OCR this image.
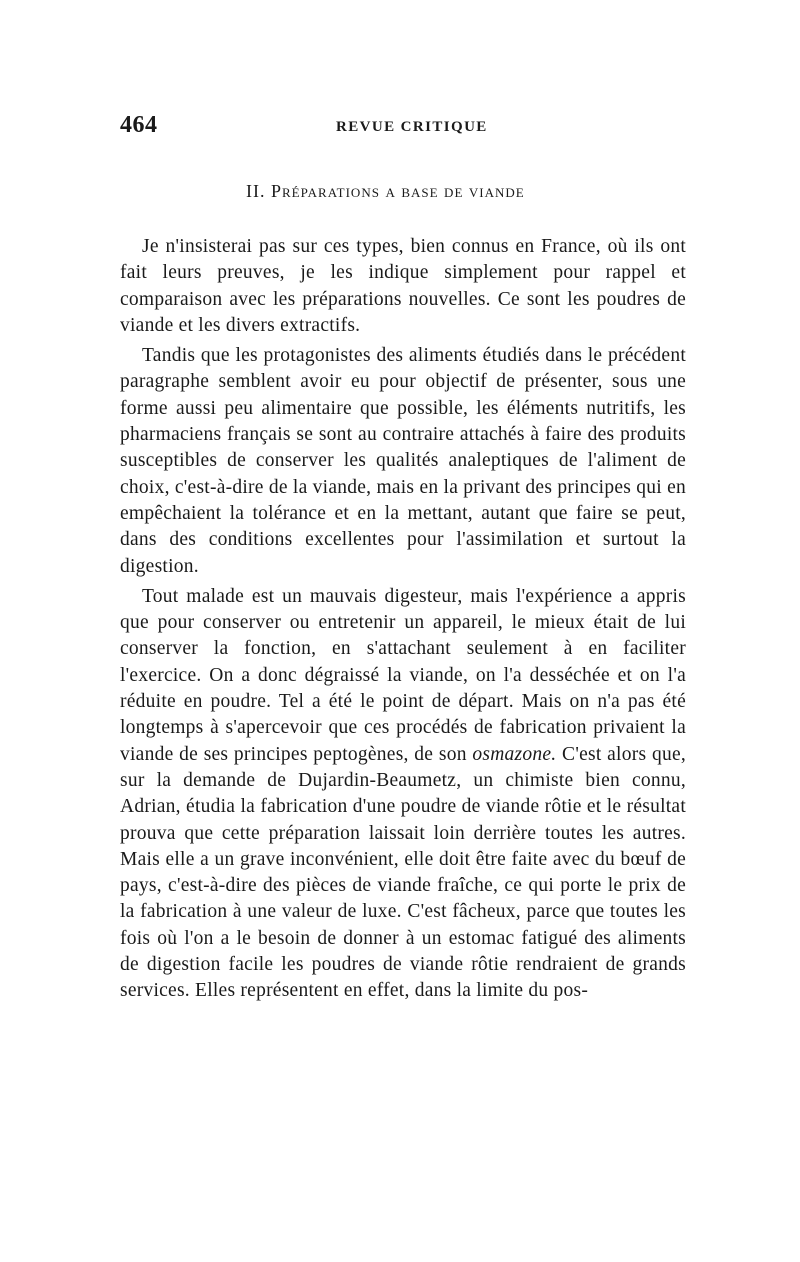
464	REVUE CRITIQUE
II. Préparations a base de viande

Je n'insisterai pas sur ces types, bien connus en France, où ils ont fait leurs preuves, je les indique simplement pour rappel et comparaison avec les préparations nouvelles. Ce sont les poudres de viande et les divers extractifs.

Tandis que les protagonistes des aliments étudiés dans le précédent paragraphe semblent avoir eu pour objectif de présenter, sous une forme aussi peu alimentaire que possible, les éléments nutritifs, les pharmaciens français se sont au contraire attachés à faire des produits susceptibles de conserver les qualités analeptiques de l'aliment de choix, c'est-à-dire de la viande, mais en la privant des principes qui en empêchaient la tolérance et en la mettant, autant que faire se peut, dans des conditions excellentes pour l'assimilation et surtout la digestion.

Tout malade est un mauvais digesteur, mais l'expérience a appris que pour conserver ou entretenir un appareil, le mieux était de lui conserver la fonction, en s'attachant seulement à en faciliter l'exercice. On a donc dégraissé la viande, on l'a desséchée et on l'a réduite en poudre. Tel a été le point de départ. Mais on n'a pas été longtemps à s'apercevoir que ces procédés de fabrication privaient la viande de ses principes peptogènes, de son osmazone. C'est alors que, sur la demande de Dujardin-Beaumetz, un chimiste bien connu, Adrian, étudia la fabrication d'une poudre de viande rôtie et le résultat prouva que cette préparation laissait loin derrière toutes les autres. Mais elle a un grave inconvénient, elle doit être faite avec du bœuf de pays, c'est-à-dire des pièces de viande fraîche, ce qui porte le prix de la fabrication à une valeur de luxe. C'est fâcheux, parce que toutes les fois où l'on a le besoin de donner à un estomac fatigué des aliments de digestion facile les poudres de viande rôtie rendraient de grands services. Elles représentent en effet, dans la limite du pos-
